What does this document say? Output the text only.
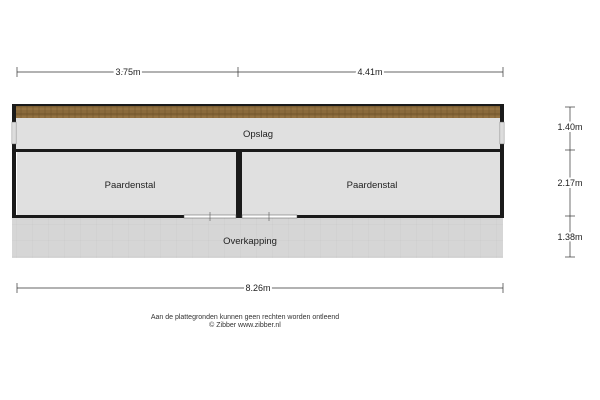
3.75m	4.41m
Opslag
Paardenstal	Paardenstal
Overkapping
1.40m
2.17m
1.38m
8.26m
Aan de plattegronden kunnen geen rechten worden ontleend
© Zibber www.zibber.nl
